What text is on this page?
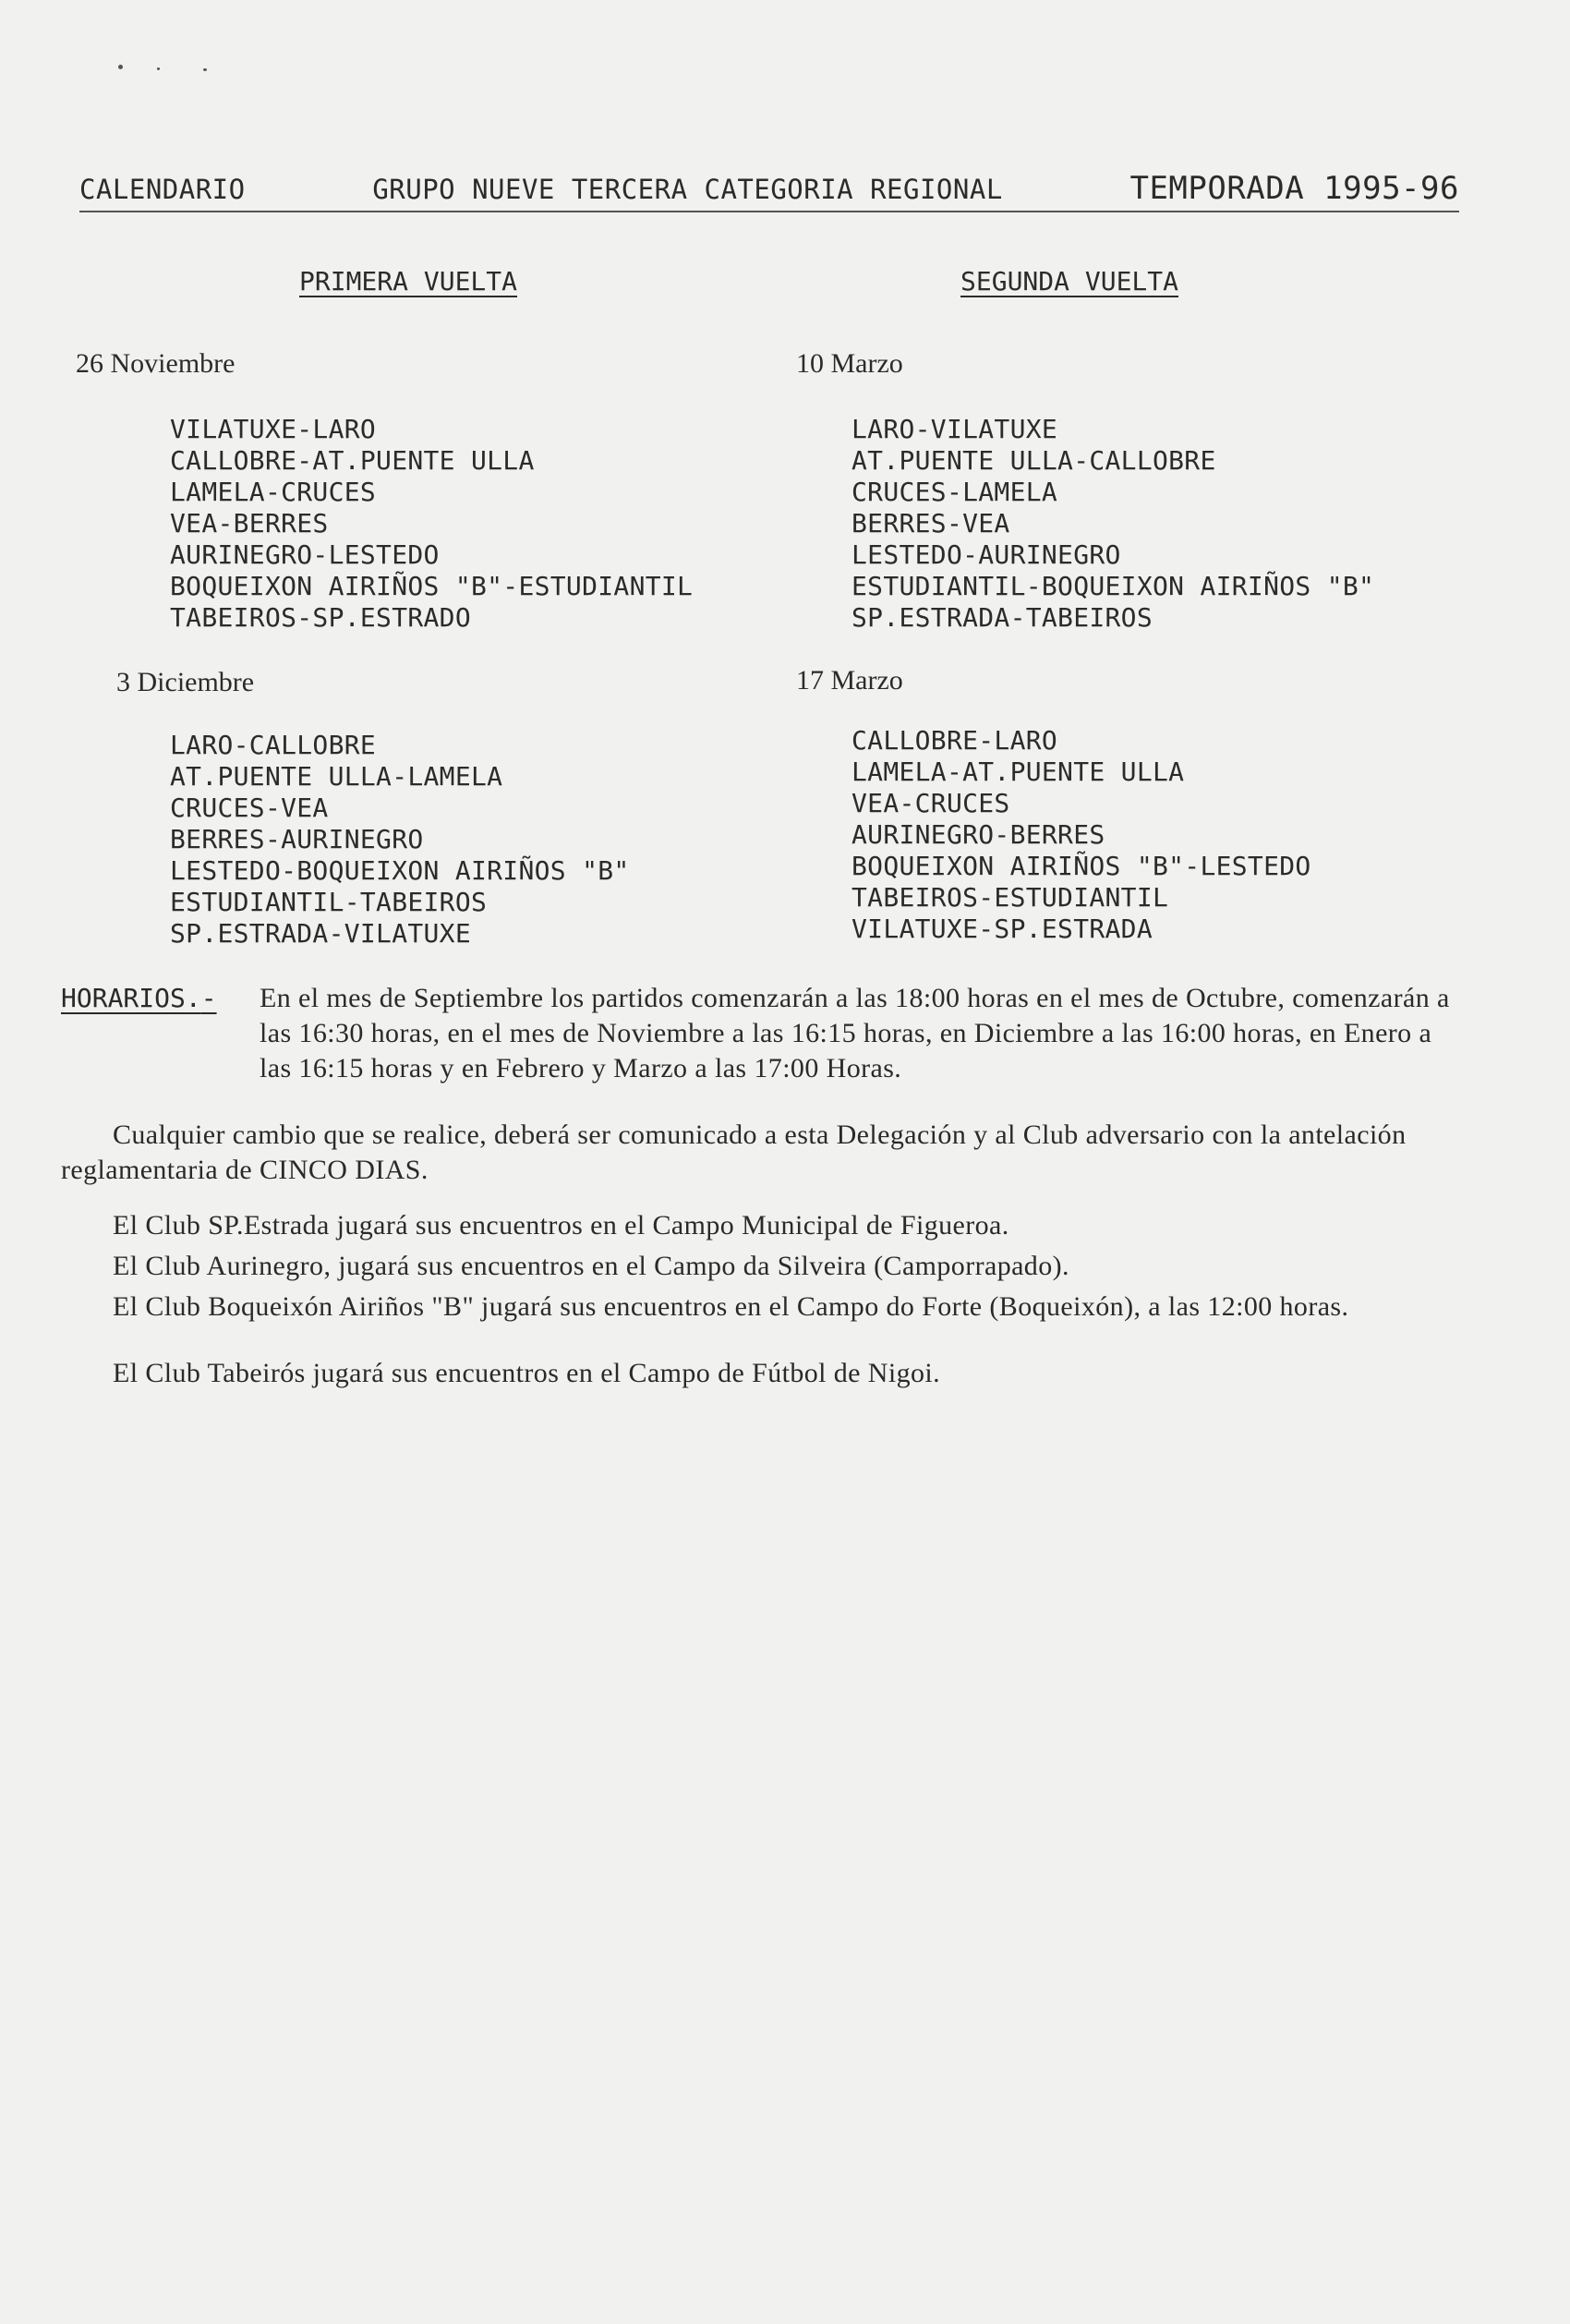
CALENDARIO	GRUPO NUEVE TERCERA CATEGORIA REGIONAL	TEMPORADA 1995-96
PRIMERA VUELTA	SEGUNDA VUELTA
26 Noviembre
VILATUXE-LARO
CALLOBRE-AT.PUENTE ULLA
LAMELA-CRUCES
VEA-BERRES
AURINEGRO-LESTEDO
BOQUEIXON AIRIÑOS "B"-ESTUDIANTIL
TABEIROS-SP.ESTRADO
10 Marzo
LARO-VILATUXE
AT.PUENTE ULLA-CALLOBRE
CRUCES-LAMELA
BERRES-VEA
LESTEDO-AURINEGRO
ESTUDIANTIL-BOQUEIXON AIRIÑOS "B"
SP.ESTRADA-TABEIROS
3 Diciembre
LARO-CALLOBRE
AT.PUENTE ULLA-LAMELA
CRUCES-VEA
BERRES-AURINEGRO
LESTEDO-BOQUEIXON AIRIÑOS "B"
ESTUDIANTIL-TABEIROS
SP.ESTRADA-VILATUXE
17 Marzo
CALLOBRE-LARO
LAMELA-AT.PUENTE ULLA
VEA-CRUCES
AURINEGRO-BERRES
BOQUEIXON AIRIÑOS "B"-LESTEDO
TABEIROS-ESTUDIANTIL
VILATUXE-SP.ESTRADA
HORARIOS.-	En el mes de Septiembre los partidos comenzarán a las 18:00 horas en el mes de Octubre, comenzarán a las 16:30 horas, en el mes de Noviembre a las 16:15 horas, en Diciembre a las 16:00 horas, en Enero a las 16:15 horas y en Febrero y Marzo a las 17:00 Horas.
Cualquier cambio que se realice, deberá ser comunicado a esta Delegación y al Club adversario con la antelación reglamentaria de CINCO DIAS.
El Club SP.Estrada jugará sus encuentros en el Campo Municipal de Figueroa.
El Club Aurinegro, jugará sus encuentros en el Campo da Silveira (Camporrapado).
El Club Boqueixón Airiños "B" jugará sus encuentros en el Campo do Forte (Boqueixón), a las 12:00 horas.
El Club Tabeirós jugará sus encuentros en el Campo de Fútbol de Nigoi.
